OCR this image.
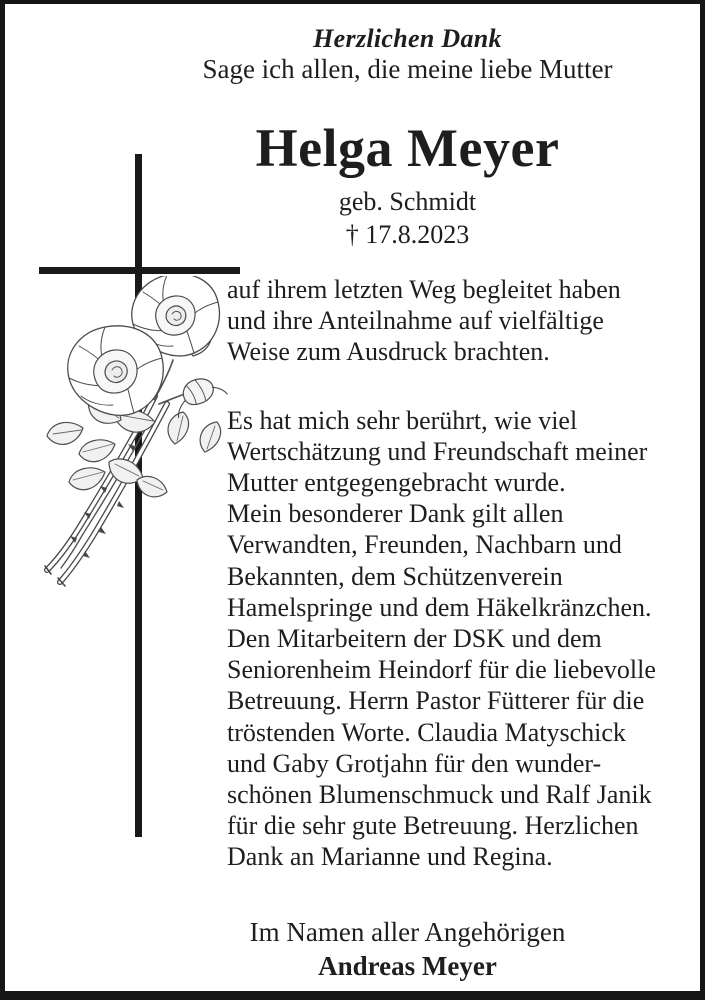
Herzlichen Dank
Sage ich allen, die meine liebe Mutter
Helga Meyer
geb. Schmidt
† 17.8.2023

auf ihrem letzten Weg begleitet haben
und ihre Anteilnahme auf vielfältige
Weise zum Ausdruck brachten.

Es hat mich sehr berührt, wie viel
Wertschätzung und Freundschaft meiner
Mutter entgegengebracht wurde.
Mein besonderer Dank gilt allen
Verwandten, Freunden, Nachbarn und
Bekannten, dem Schützenverein
Hamelspringe und dem Häkelkränzchen.
Den Mitarbeitern der DSK und dem
Seniorenheim Heindorf für die liebevolle
Betreuung. Herrn Pastor Fütterer für die
tröstenden Worte. Claudia Matyschick
und Gaby Grotjahn für den wunder-
schönen Blumenschmuck und Ralf Janik
für die sehr gute Betreuung. Herzlichen
Dank an Marianne und Regina.

Im Namen aller Angehörigen
Andreas Meyer
